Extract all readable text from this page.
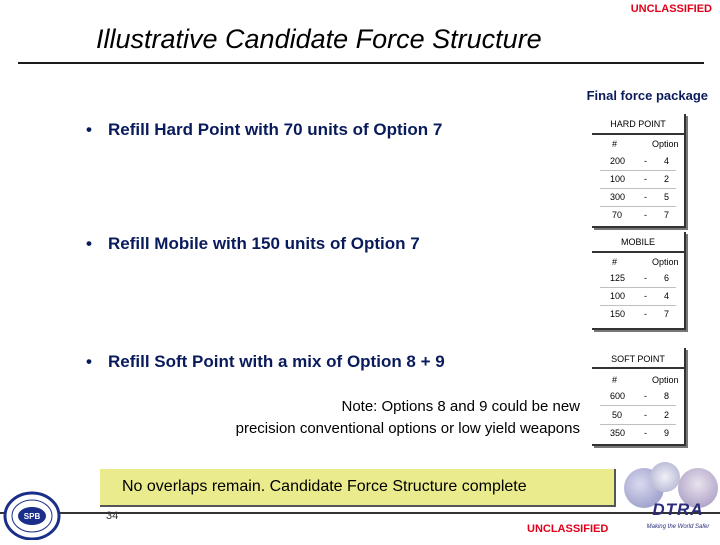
UNCLASSIFIED
Illustrative Candidate Force Structure
Final force package
• Refill Hard Point with 70 units of Option 7
• Refill Mobile with 150 units of Option 7
• Refill Soft Point with a mix of Option 8 + 9
Note: Options 8 and 9 could be new
precision conventional options or low yield weapons
HARD POINT
#	Option
200 - 4
100 - 2
300 - 5
70 - 7
MOBILE
#	Option
125 - 6
100 - 4
150 - 7
SOFT POINT
#	Option
600 - 8
50 - 2
350 - 9
No overlaps remain. Candidate Force Structure complete
34
UNCLASSIFIED
SPB	DTRA
Making the World Safer
